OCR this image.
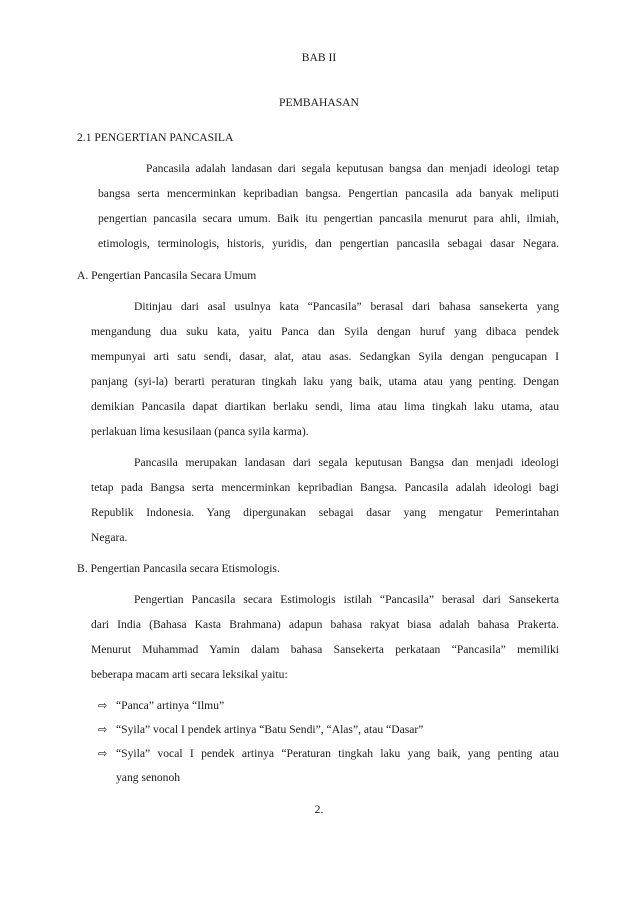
BAB II
PEMBAHASAN
2.1 PENGERTIAN PANCASILA
Pancasila adalah landasan dari segala keputusan bangsa dan menjadi ideologi tetap
bangsa serta mencerminkan kepribadian bangsa. Pengertian pancasila ada banyak meliputi
pengertian pancasila secara umum. Baik itu pengertian pancasila menurut para ahli, ilmiah,
etimologis, terminologis, historis, yuridis, dan pengertian pancasila sebagai dasar Negara.
A. Pengertian Pancasila Secara Umum
Ditinjau dari asal usulnya kata “Pancasila” berasal dari bahasa sansekerta yang
mengandung dua suku kata, yaitu Panca dan Syila dengan huruf yang dibaca pendek
mempunyai arti satu sendi, dasar, alat, atau asas. Sedangkan Syila dengan pengucapan I
panjang (syi-la) berarti peraturan tingkah laku yang baik, utama atau yang penting. Dengan
demikian Pancasila dapat diartikan berlaku sendi, lima atau lima tingkah laku utama, atau
perlakuan lima kesusilaan (panca syila karma).
Pancasila merupakan landasan dari segala keputusan Bangsa dan menjadi ideologi
tetap pada Bangsa serta mencerminkan kepribadian Bangsa. Pancasila adalah ideologi bagi
Republik Indonesia. Yang dipergunakan sebagai dasar yang mengatur Pemerintahan
Negara.
B. Pengertian Pancasila secara Etismologis.
Pengertian Pancasila secara Estimologis istilah “Pancasila” berasal dari Sansekerta
dari India (Bahasa Kasta Brahmana) adapun bahasa rakyat biasa adalah bahasa Prakerta.
Menurut Muhammad Yamin dalam bahasa Sansekerta perkataan “Pancasila” memiliki
beberapa macam arti secara leksikal yaitu:
⇨ “Panca” artinya “Ilmu”
⇨ “Syila” vocal I pendek artinya “Batu Sendi”, “Alas”, atau “Dasar”
⇨ “Syila” vocal I pendek artinya “Peraturan tingkah laku yang baik, yang penting atau
yang senonoh
2.
